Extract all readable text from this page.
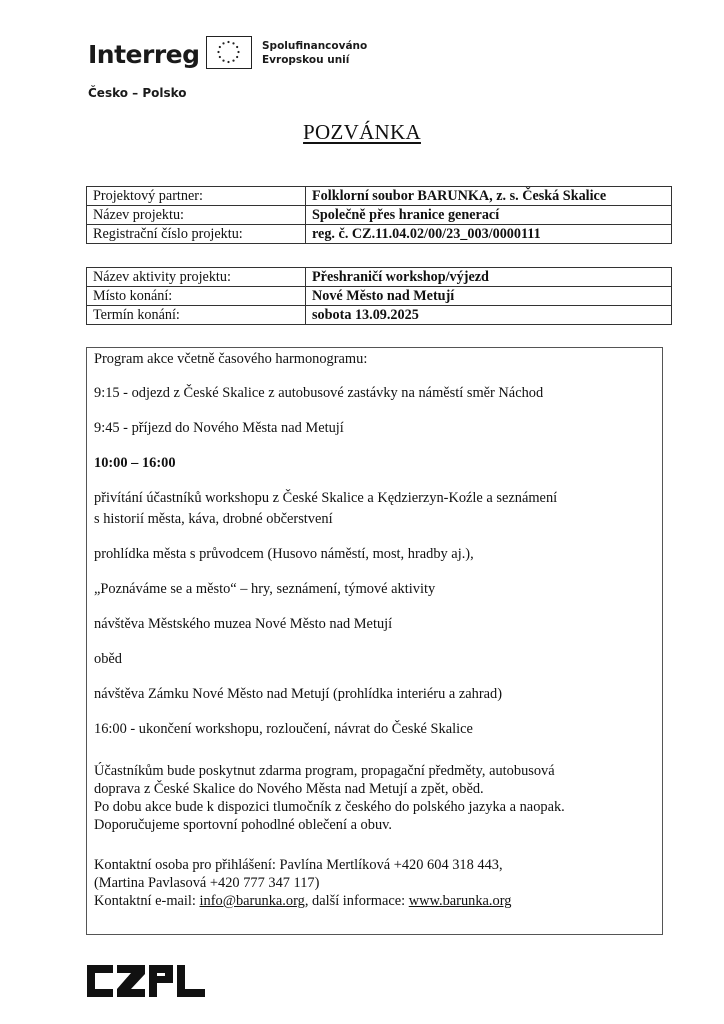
Interreg	Spolufinancováno
Evropskou unií
Česko – Polsko
POZVÁNKA
Projektový partner:	Folklorní soubor BARUNKA, z. s. Česká Skalice
Název projektu:	Společně přes hranice generací
Registrační číslo projektu:	reg. č. CZ.11.04.02/00/23_003/0000111
Název aktivity projektu:	Přeshraničí workshop/výjezd
Místo konání:	Nové Město nad Metují
Termín konání:	sobota 13.09.2025
Program akce včetně časového harmonogramu:
9:15 - odjezd z České Skalice z autobusové zastávky na náměstí směr Náchod
9:45 - příjezd do Nového Města nad Metují
10:00 – 16:00
přivítání účastníků workshopu z České Skalice a Kędzierzyn-Koźle a seznámení
s historií města, káva, drobné občerstvení
prohlídka města s průvodcem (Husovo náměstí, most, hradby aj.),
„Poznáváme se a město“ – hry, seznámení, týmové aktivity
návštěva Městského muzea Nové Město nad Metují
oběd
návštěva Zámku Nové Město nad Metují (prohlídka interiéru a zahrad)
16:00 - ukončení workshopu, rozloučení, návrat do České Skalice
Účastníkům bude poskytnut zdarma program, propagační předměty, autobusová
doprava z České Skalice do Nového Města nad Metují a zpět, oběd.
Po dobu akce bude k dispozici tlumočník z českého do polského jazyka a naopak.
Doporučujeme sportovní pohodlné oblečení a obuv.
Kontaktní osoba pro přihlášení: Pavlína Mertlíková +420 604 318 443,
(Martina Pavlasová +420 777 347 117)
Kontaktní e-mail: info@barunka.org, další informace: www.barunka.org
